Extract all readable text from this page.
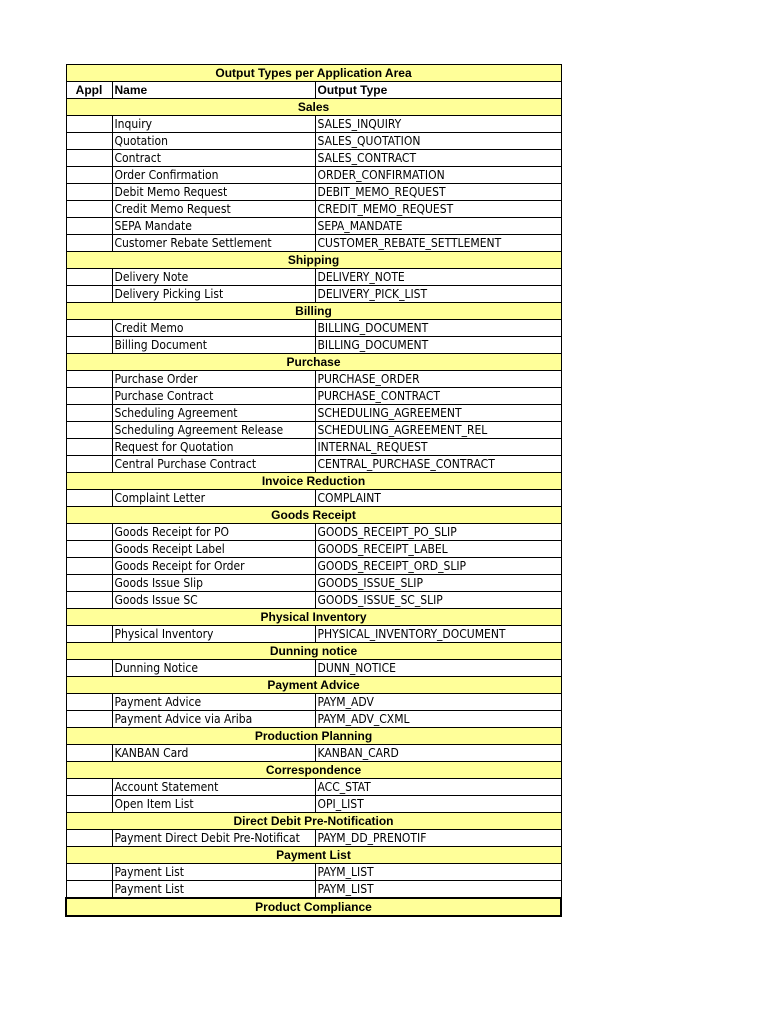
Output Types per Application Area		
Appl	Name	Output Type
Sales		
	Inquiry	SALES_INQUIRY
	Quotation	SALES_QUOTATION
	Contract	SALES_CONTRACT
	Order Confirmation	ORDER_CONFIRMATION
	Debit Memo Request	DEBIT_MEMO_REQUEST
	Credit Memo Request	CREDIT_MEMO_REQUEST
	SEPA Mandate	SEPA_MANDATE
	Customer Rebate Settlement	CUSTOMER_REBATE_SETTLEMENT
Shipping		
	Delivery Note	DELIVERY_NOTE
	Delivery Picking List	DELIVERY_PICK_LIST
Billing		
	Credit Memo	BILLING_DOCUMENT
	Billing Document	BILLING_DOCUMENT
Purchase		
	Purchase Order	PURCHASE_ORDER
	Purchase Contract	PURCHASE_CONTRACT
	Scheduling Agreement	SCHEDULING_AGREEMENT
	Scheduling Agreement Release	SCHEDULING_AGREEMENT_REL
	Request for Quotation	INTERNAL_REQUEST
	Central Purchase Contract	CENTRAL_PURCHASE_CONTRACT
Invoice Reduction		
	Complaint Letter	COMPLAINT
Goods Receipt		
	Goods Receipt for PO	GOODS_RECEIPT_PO_SLIP
	Goods Receipt Label	GOODS_RECEIPT_LABEL
	Goods Receipt for Order	GOODS_RECEIPT_ORD_SLIP
	Goods Issue Slip	GOODS_ISSUE_SLIP
	Goods Issue SC	GOODS_ISSUE_SC_SLIP
Physical Inventory		
	Physical Inventory	PHYSICAL_INVENTORY_DOCUMENT
Dunning notice		
	Dunning Notice	DUNN_NOTICE
Payment Advice		
	Payment Advice	PAYM_ADV
	Payment Advice via Ariba	PAYM_ADV_CXML
Production Planning		
	KANBAN Card	KANBAN_CARD
Correspondence		
	Account Statement	ACC_STAT
	Open Item List	OPI_LIST
Direct Debit Pre-Notification		
	Payment Direct Debit Pre-Notificat	PAYM_DD_PRENOTIF
Payment List		
	Payment List	PAYM_LIST
	Payment List	PAYM_LIST
Product Compliance		
